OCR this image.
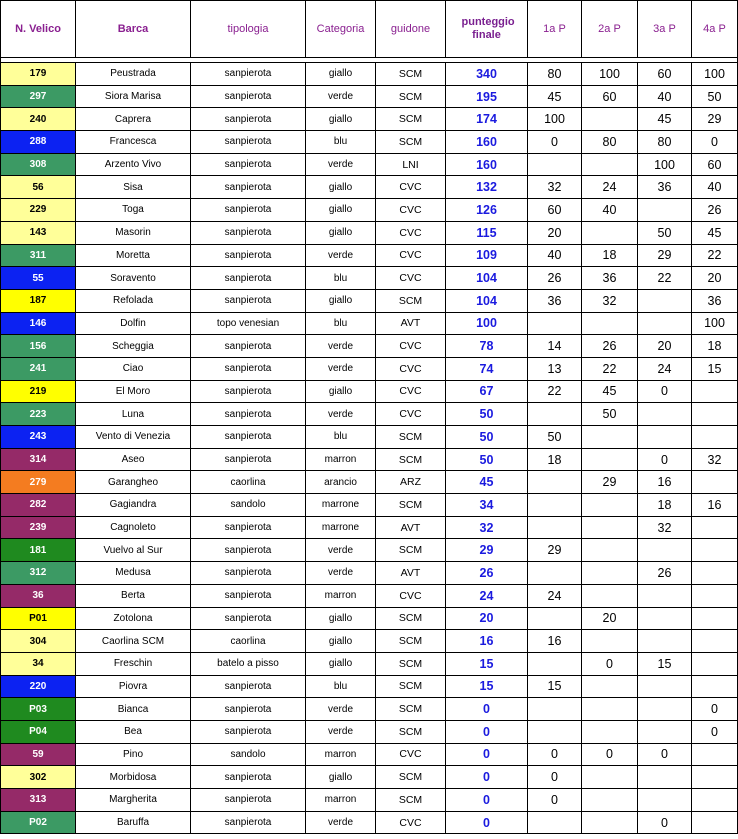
N. Velico	Barca	tipologia	Categoria	guidone	punteggio finale	1a P	2a P	3a P	4a P

179	Peustrada	sanpierota	giallo	SCM	340	80	100	60	100
297	Siora Marisa	sanpierota	verde	SCM	195	45	60	40	50
240	Caprera	sanpierota	giallo	SCM	174	100		45	29
288	Francesca	sanpierota	blu	SCM	160	0	80	80	0
308	Arzento Vivo	sanpierota	verde	LNI	160			100	60
56	Sisa	sanpierota	giallo	CVC	132	32	24	36	40
229	Toga	sanpierota	giallo	CVC	126	60	40		26
143	Masorin	sanpierota	giallo	CVC	115	20		50	45
311	Moretta	sanpierota	verde	CVC	109	40	18	29	22
55	Soravento	sanpierota	blu	CVC	104	26	36	22	20
187	Refolada	sanpierota	giallo	SCM	104	36	32		36
146	Dolfin	topo venesian	blu	AVT	100				100
156	Scheggia	sanpierota	verde	CVC	78	14	26	20	18
241	Ciao	sanpierota	verde	CVC	74	13	22	24	15
219	El Moro	sanpierota	giallo	CVC	67	22	45	0	
223	Luna	sanpierota	verde	CVC	50		50		
243	Vento di Venezia	sanpierota	blu	SCM	50	50			
314	Aseo	sanpierota	marron	SCM	50	18		0	32
279	Garangheo	caorlina	arancio	ARZ	45		29	16	
282	Gagiandra	sandolo	marrone	SCM	34			18	16
239	Cagnoleto	sanpierota	marrone	AVT	32			32	
181	Vuelvo al Sur	sanpierota	verde	SCM	29	29			
312	Medusa	sanpierota	verde	AVT	26			26	
36	Berta	sanpierota	marron	CVC	24	24			
P01	Zotolona	sanpierota	giallo	SCM	20		20		
304	Caorlina SCM	caorlina	giallo	SCM	16	16			
34	Freschin	batelo a pisso	giallo	SCM	15		0	15	
220	Piovra	sanpierota	blu	SCM	15	15			
P03	Bianca	sanpierota	verde	SCM	0				0
P04	Bea	sanpierota	verde	SCM	0				0
59	Pino	sandolo	marron	CVC	0	0	0	0	
302	Morbidosa	sanpierota	giallo	SCM	0	0			
313	Margherita	sanpierota	marron	SCM	0	0			
P02	Baruffa	sanpierota	verde	CVC	0			0	
